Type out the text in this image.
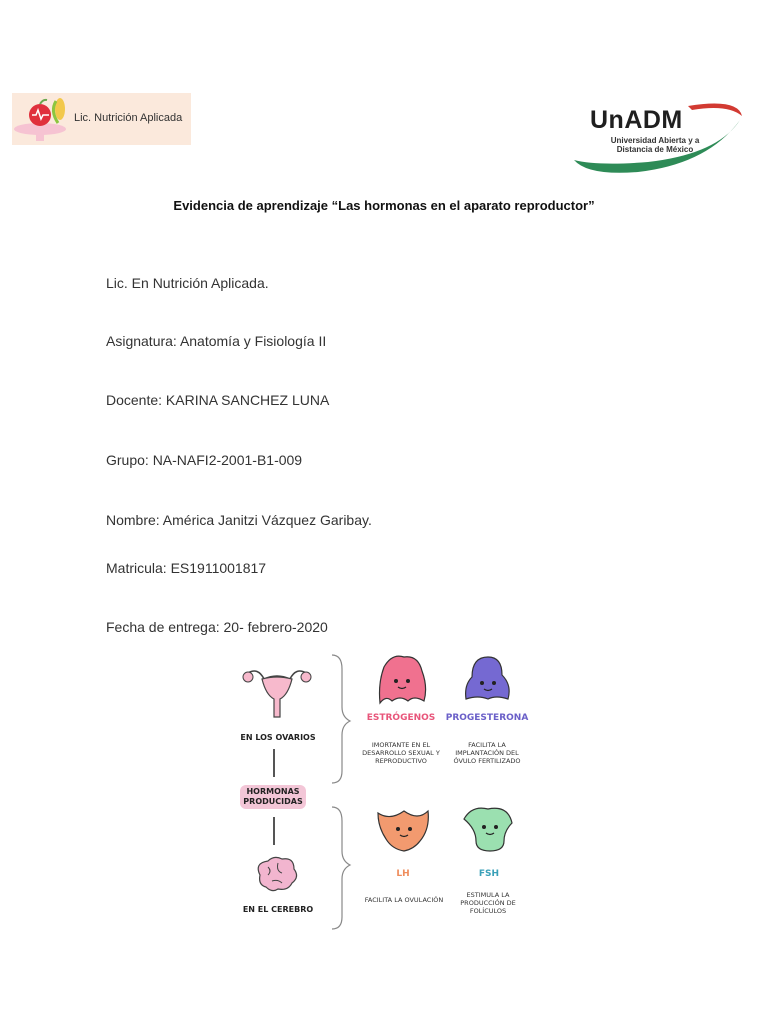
Lic. Nutrición Aplicada	UnADM
Universidad Abierta y a Distancia de México
Evidencia de aprendizaje “Las hormonas en el aparato reproductor”
Lic. En Nutrición Aplicada.
Asignatura: Anatomía y Fisiología II
Docente: KARINA SANCHEZ LUNA
Grupo: NA-NAFI2-2001-B1-009
Nombre: América Janitzi Vázquez Garibay.
Matricula: ES1911001817
Fecha de entrega: 20- febrero-2020
EN LOS OVARIOS
HORMONAS PRODUCIDAS
EN EL CEREBRO
ESTRÓGENOS
IMORTANTE EN EL DESARROLLO SEXUAL Y REPRODUCTIVO
PROGESTERONA
FACILITA LA IMPLANTACIÓN DEL ÓVULO FERTILIZADO
LH
FACILITA LA OVULACIÓN
FSH
ESTIMULA LA PRODUCCIÓN DE FOLÍCULOS
